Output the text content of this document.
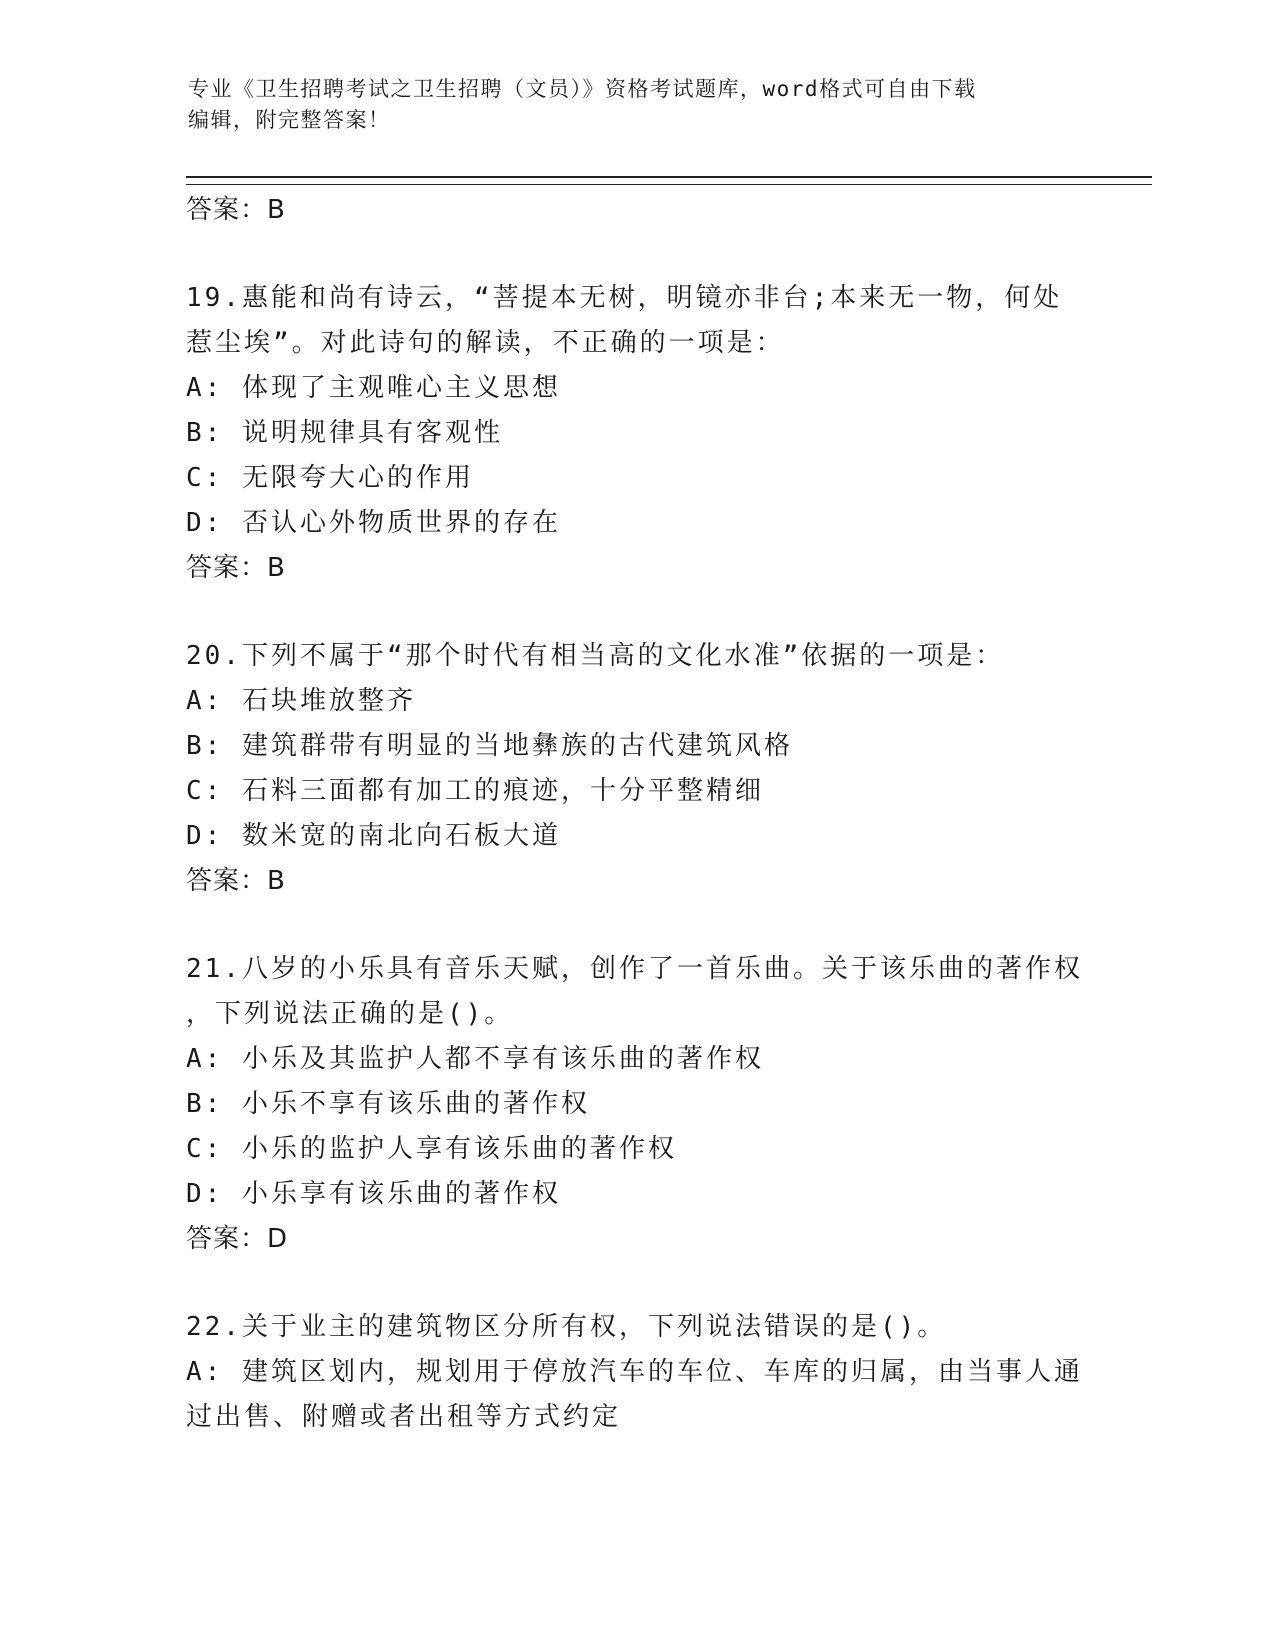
专业《卫生招聘考试之卫生招聘（文员）》资格考试题库，word格式可自由下载
编辑，附完整答案！
答案：B
19.惠能和尚有诗云，“菩提本无树，明镜亦非台;本来无一物，何处
惹尘埃”。对此诗句的解读，不正确的一项是：
A: 体现了主观唯心主义思想
B: 说明规律具有客观性
C: 无限夸大心的作用
D: 否认心外物质世界的存在
答案：B
20.下列不属于“那个时代有相当高的文化水准”依据的一项是：
A: 石块堆放整齐
B: 建筑群带有明显的当地彝族的古代建筑风格
C: 石料三面都有加工的痕迹，十分平整精细
D: 数米宽的南北向石板大道
答案：B
21.八岁的小乐具有音乐天赋，创作了一首乐曲。关于该乐曲的著作权
，下列说法正确的是()。
A: 小乐及其监护人都不享有该乐曲的著作权
B: 小乐不享有该乐曲的著作权
C: 小乐的监护人享有该乐曲的著作权
D: 小乐享有该乐曲的著作权
答案：D
22.关于业主的建筑物区分所有权，下列说法错误的是()。
A: 建筑区划内，规划用于停放汽车的车位、车库的归属，由当事人通
过出售、附赠或者出租等方式约定
